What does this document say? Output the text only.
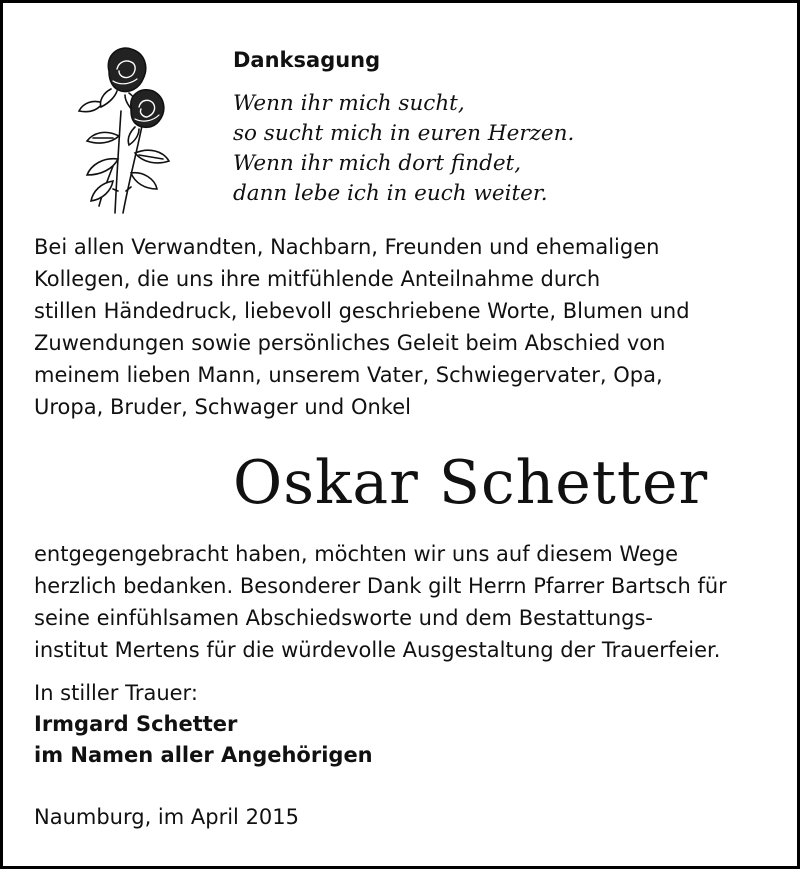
Danksagung
Wenn ihr mich sucht,
so sucht mich in euren Herzen.
Wenn ihr mich dort findet,
dann lebe ich in euch weiter.
Bei allen Verwandten, Nachbarn, Freunden und ehemaligen
Kollegen, die uns ihre mitfühlende Anteilnahme durch
stillen Händedruck, liebevoll geschriebene Worte, Blumen und
Zuwendungen sowie persönliches Geleit beim Abschied von
meinem lieben Mann, unserem Vater, Schwiegervater, Opa,
Uropa, Bruder, Schwager und Onkel
Oskar Schetter
entgegengebracht haben, möchten wir uns auf diesem Wege
herzlich bedanken. Besonderer Dank gilt Herrn Pfarrer Bartsch für
seine einfühlsamen Abschiedsworte und dem Bestattungs-
institut Mertens für die würdevolle Ausgestaltung der Trauerfeier.
In stiller Trauer:
Irmgard Schetter
im Namen aller Angehörigen
Naumburg, im April 2015
